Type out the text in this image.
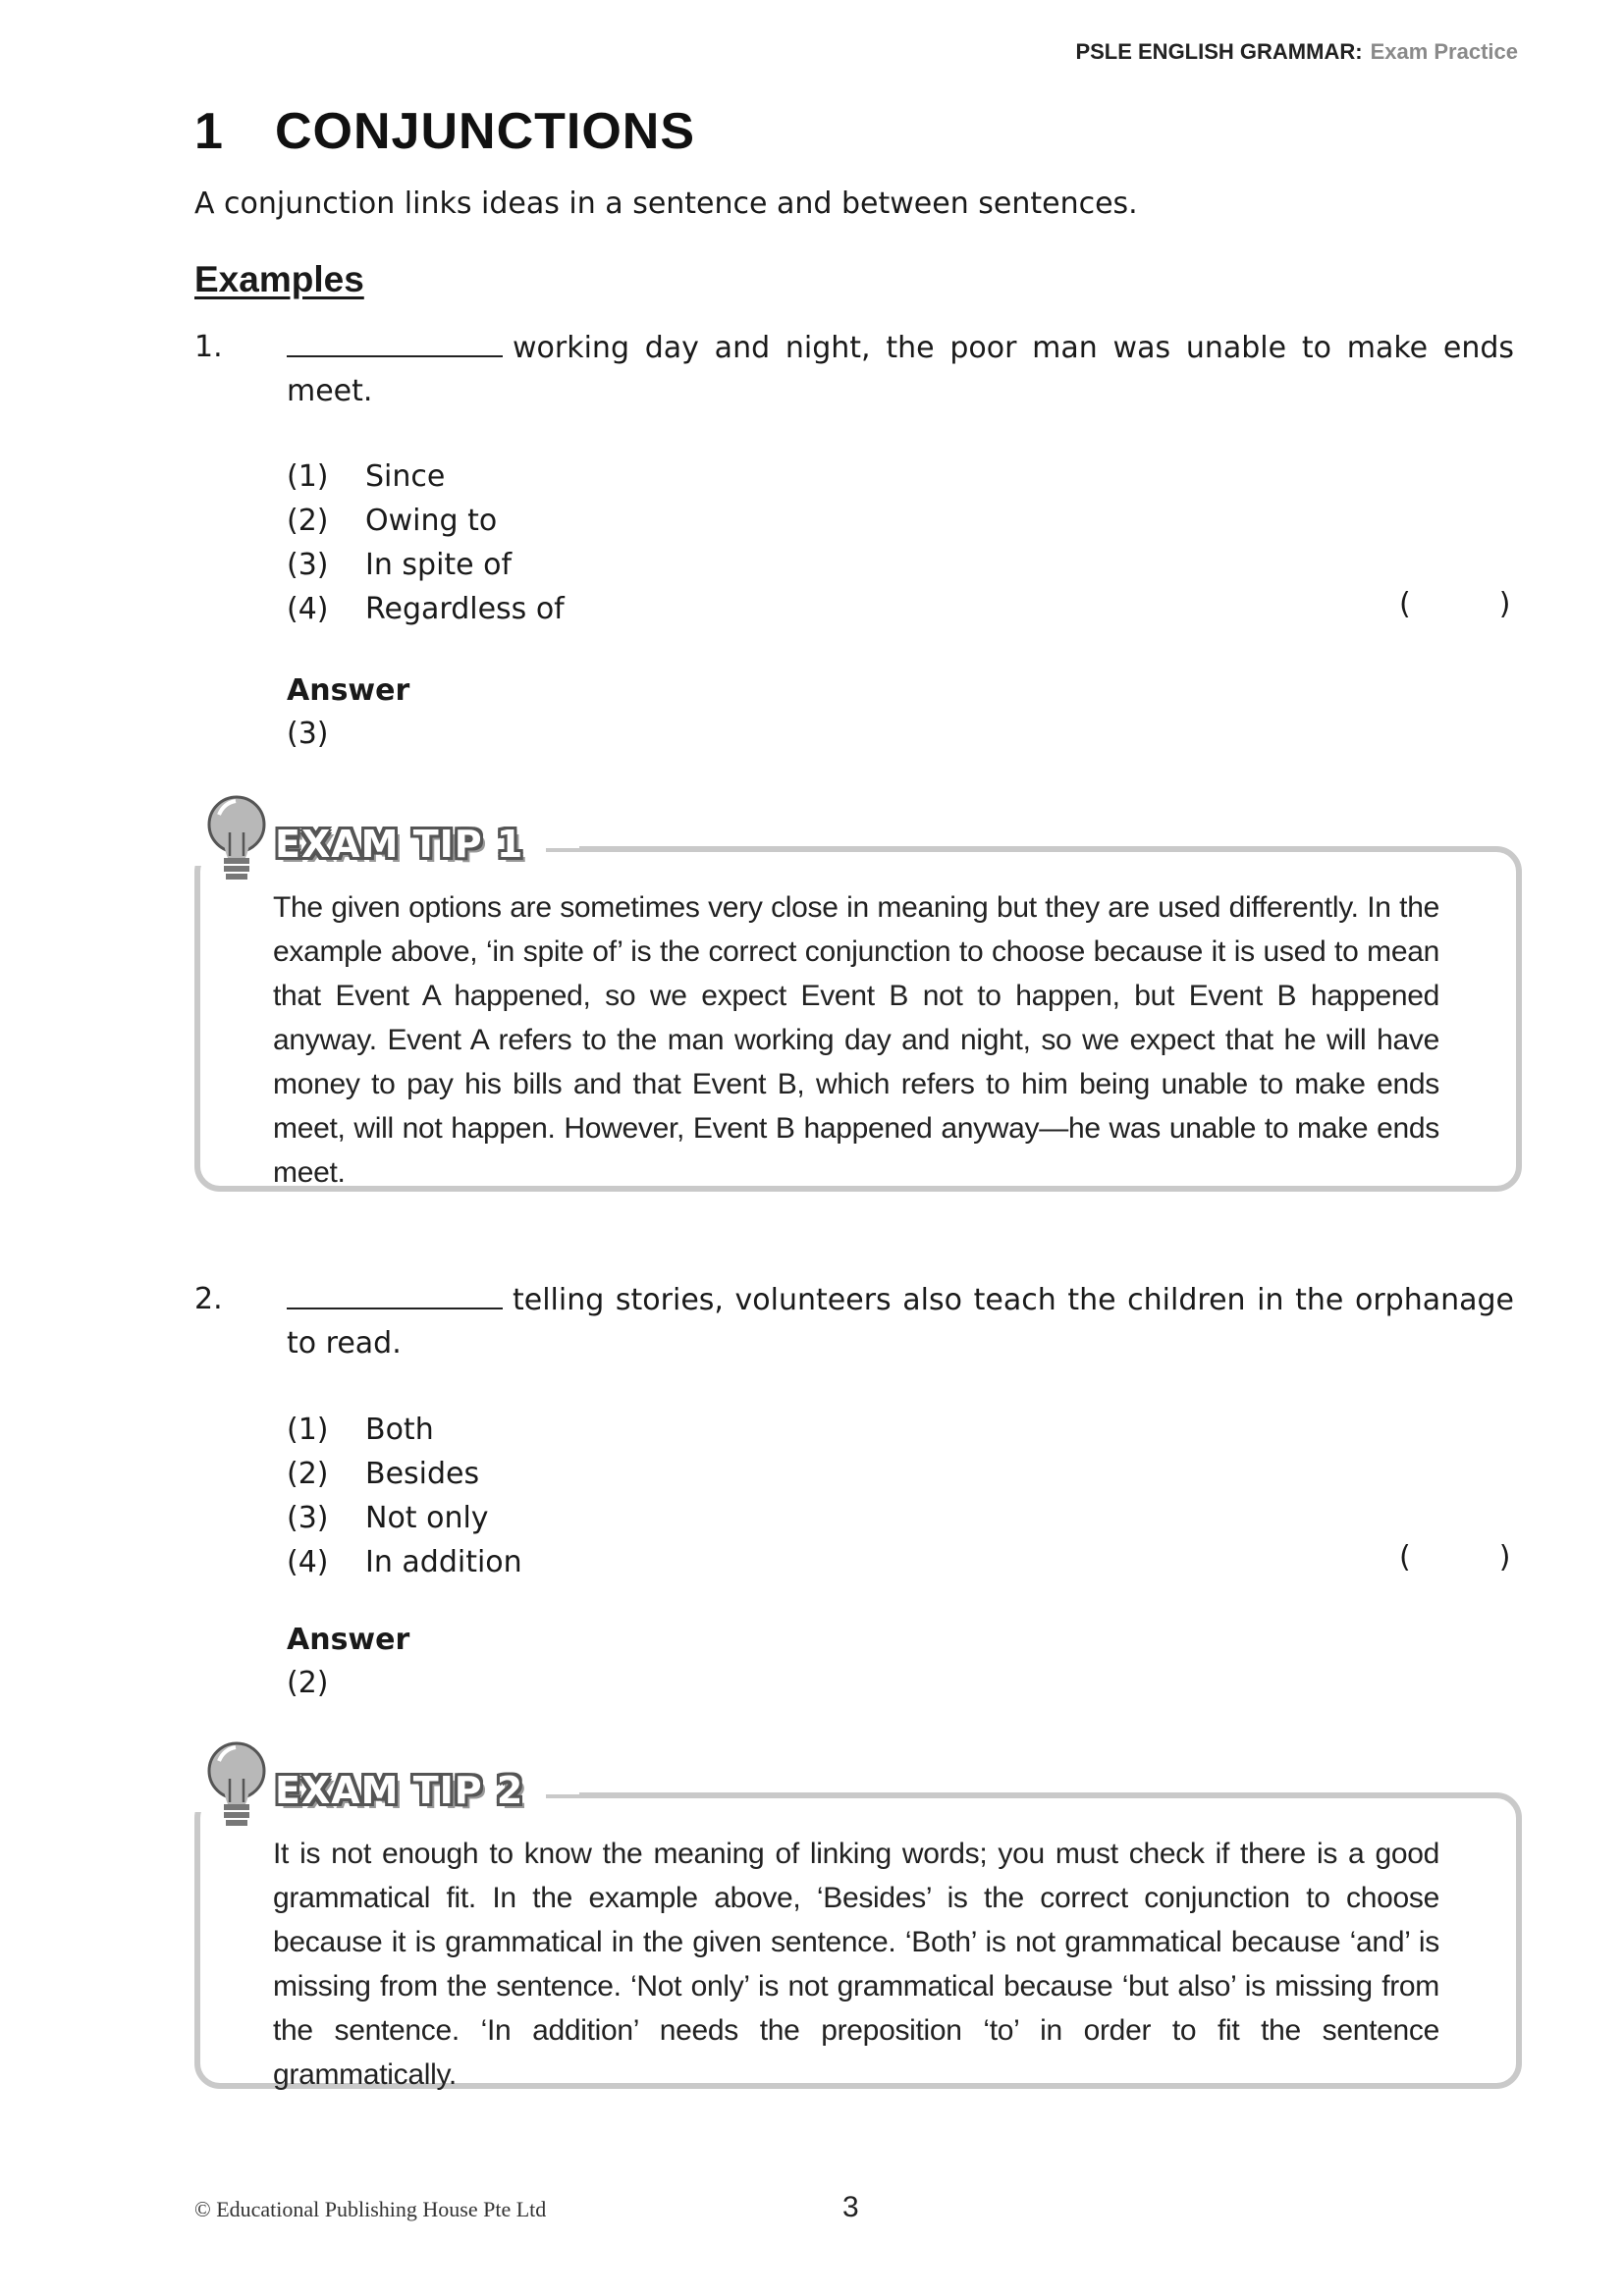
PSLE ENGLISH GRAMMAR: Exam Practice
1 CONJUNCTIONS
A conjunction links ideas in a sentence and between sentences.
Examples
1.	working day and night, the poor man was unable to make ends meet.
(1)	Since
(2)	Owing to
(3)	In spite of
(4)	Regardless of	(	)
Answer
(3)
EXAM TIP 1
The given options are sometimes very close in meaning but they are used differently. In the example above, ‘in spite of’ is the correct conjunction to choose because it is used to mean that Event A happened, so we expect Event B not to happen, but Event B happened anyway. Event A refers to the man working day and night, so we expect that he will have money to pay his bills and that Event B, which refers to him being unable to make ends meet, will not happen. However, Event B happened anyway—he was unable to make ends meet.
2.	telling stories, volunteers also teach the children in the orphanage to read.
(1)	Both
(2)	Besides
(3)	Not only
(4)	In addition	(	)
Answer
(2)
EXAM TIP 2
It is not enough to know the meaning of linking words; you must check if there is a good grammatical fit. In the example above, ‘Besides’ is the correct conjunction to choose because it is grammatical in the given sentence. ‘Both’ is not grammatical because ‘and’ is missing from the sentence. ‘Not only’ is not grammatical because ‘but also’ is missing from the sentence. ‘In addition’ needs the preposition ‘to’ in order to fit the sentence grammatically.
© Educational Publishing House Pte Ltd	3
